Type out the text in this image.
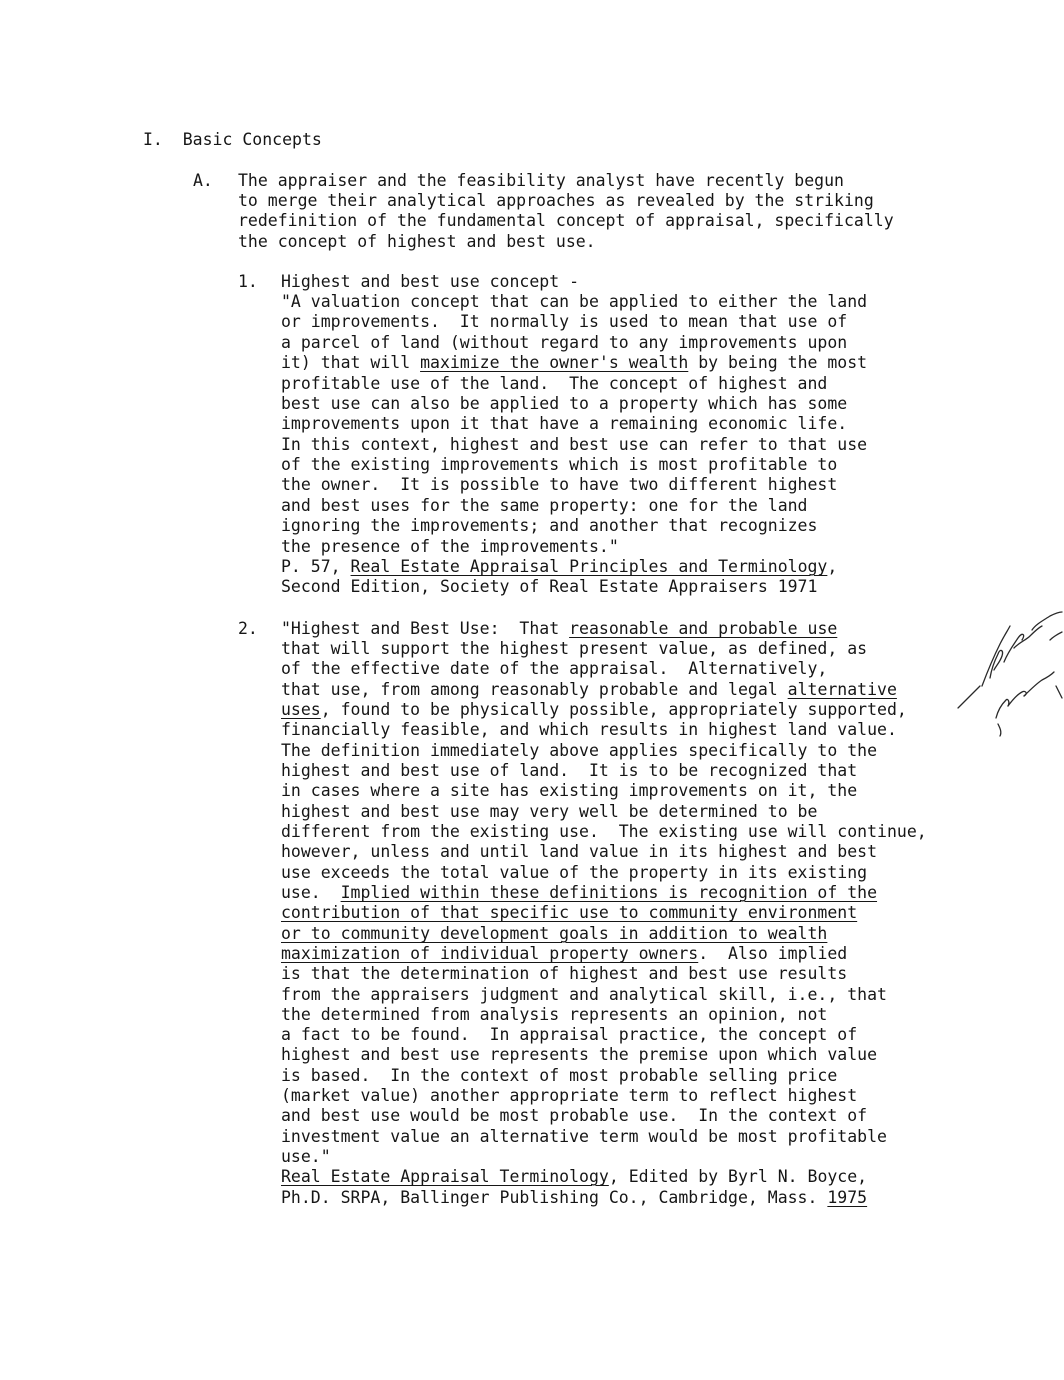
I. Basic Concepts
A. The appraiser and the feasibility analyst have recently begun
to merge their analytical approaches as revealed by the striking
redefinition of the fundamental concept of appraisal, specifically
the concept of highest and best use.
1. Highest and best use concept -
"A valuation concept that can be applied to either the land
or improvements.  It normally is used to mean that use of
a parcel of land (without regard to any improvements upon
it) that will maximize the owner's wealth by being the most
profitable use of the land.  The concept of highest and
best use can also be applied to a property which has some
improvements upon it that have a remaining economic life.
In this context, highest and best use can refer to that use
of the existing improvements which is most profitable to
the owner.  It is possible to have two different highest
and best uses for the same property: one for the land
ignoring the improvements; and another that recognizes
the presence of the improvements."
P. 57, Real Estate Appraisal Principles and Terminology,
Second Edition, Society of Real Estate Appraisers 1971
2. "Highest and Best Use:  That reasonable and probable use
that will support the highest present value, as defined, as
of the effective date of the appraisal.  Alternatively,
that use, from among reasonably probable and legal alternative
uses, found to be physically possible, appropriately supported,
financially feasible, and which results in highest land value.
The definition immediately above applies specifically to the
highest and best use of land.  It is to be recognized that
in cases where a site has existing improvements on it, the
highest and best use may very well be determined to be
different from the existing use.  The existing use will continue,
however, unless and until land value in its highest and best
use exceeds the total value of the property in its existing
use.  Implied within these definitions is recognition of the
contribution of that specific use to community environment
or to community development goals in addition to wealth
maximization of individual property owners.  Also implied
is that the determination of highest and best use results
from the appraisers judgment and analytical skill, i.e., that
the determined from analysis represents an opinion, not
a fact to be found.  In appraisal practice, the concept of
highest and best use represents the premise upon which value
is based.  In the context of most probable selling price
(market value) another appropriate term to reflect highest
and best use would be most probable use.  In the context of
investment value an alternative term would be most profitable
use."
Real Estate Appraisal Terminology, Edited by Byrl N. Boyce,
Ph.D. SRPA, Ballinger Publishing Co., Cambridge, Mass. 1975
